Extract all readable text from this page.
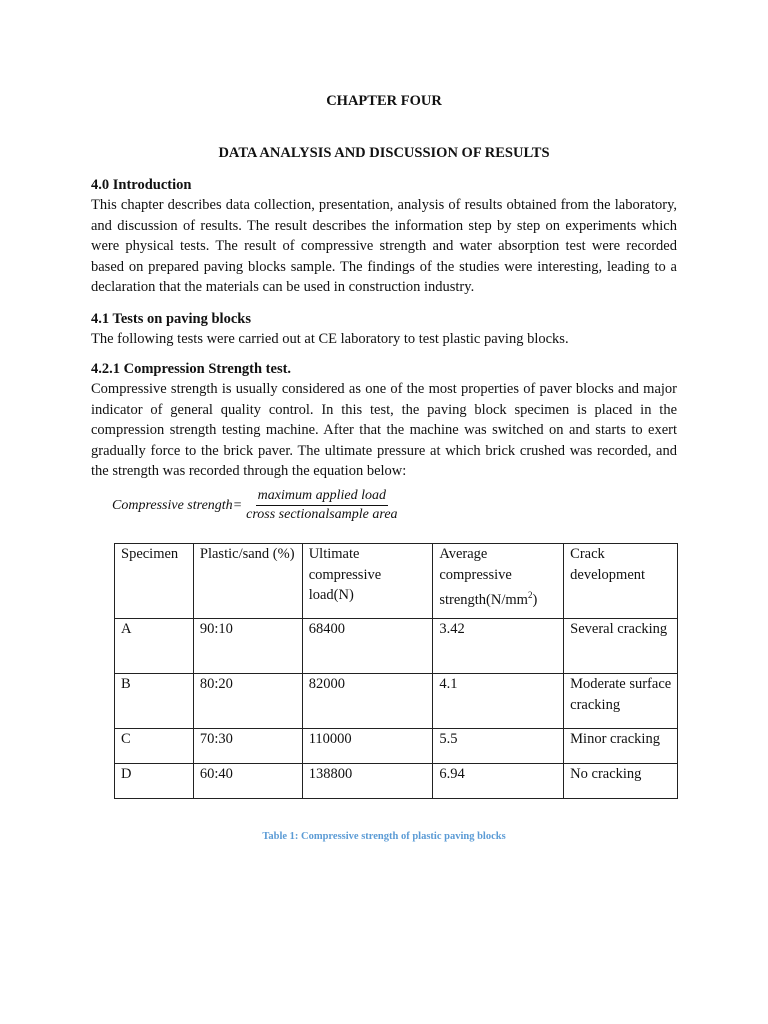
CHAPTER FOUR
DATA ANALYSIS AND DISCUSSION OF RESULTS
4.0 Introduction

This chapter describes data collection, presentation, analysis of results obtained from the laboratory, and discussion of results. The result describes the information step by step on experiments which were physical tests. The result of compressive strength and water absorption test were recorded based on prepared paving blocks sample. The findings of the studies were interesting, leading to a declaration that the materials can be used in construction industry.

4.1 Tests on paving blocks

The following tests were carried out at CE laboratory to test plastic paving blocks.

4.2.1 Compression Strength test.

Compressive strength is usually considered as one of the most properties of paver blocks and major indicator of general quality control. In this test, the paving block specimen is placed in the compression strength testing machine. After that the machine was switched on and starts to exert gradually force to the brick paver. The ultimate pressure at which brick crushed was recorded, and the strength was recorded through the equation below:

Compressive strength = $\frac{\text{maximum applied load}}{\text{cross sectionalsample area}}$
Specimen	Plastic/sand (%)	Ultimate compressive load(N)	Average compressive $strength(N/mm^2)$	Crack development
A	90:10	68400	3.42	Several cracking
B	80:20	82000	4.1	Moderate surface cracking
C	70:30	110000	5.5	Minor cracking
D	60:40	138800	6.94	No cracking
Table 1: Compressive strength of plastic paving blocks
